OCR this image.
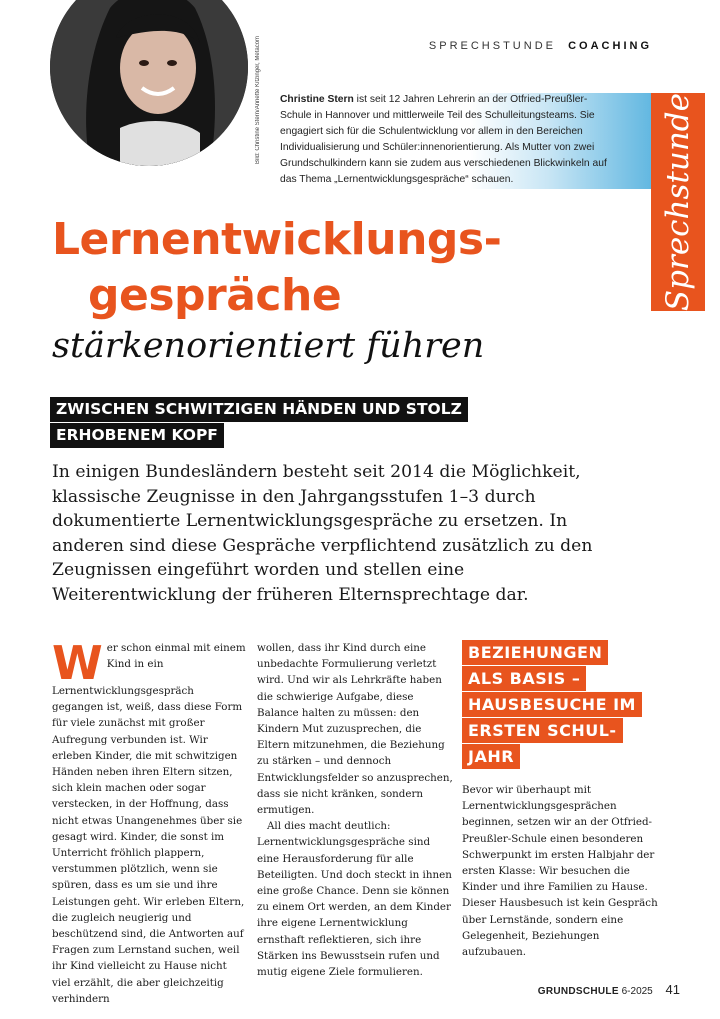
Bild: Christine Stern/Annette Kitzinger, Metacom	SPRECHSTUNDE COACHING
Christine Stern ist seit 12 Jahren Lehrerin an der Otfried-Preußler-Schule in Hannover und mittlerweile Teil des Schulleitungsteams. Sie engagiert sich für die Schulentwicklung vor allem in den Bereichen Individualisierung und Schüler:innenorientierung. Als Mutter von zwei Grundschulkindern kann sie zudem aus verschiedenen Blickwinkeln auf das Thema „Lernentwicklungsgespräche“ schauen.	Sprechstunde
Lernentwicklungs-
gespräche
stärkenorientiert führen
ZWISCHEN SCHWITZIGEN HÄNDEN UND STOLZ
ERHOBENEM KOPF
In einigen Bundesländern besteht seit 2014 die Möglichkeit, klassische Zeugnisse in den Jahrgangsstufen 1–3 durch dokumentierte Lernentwicklungsgespräche zu ersetzen. In anderen sind diese Gespräche verpflichtend zusätzlich zu den Zeugnissen eingeführt worden und stellen eine Weiterentwicklung der früheren Elternsprechtage dar.

Wer schon einmal mit einem Kind in ein Lernentwicklungsgespräch gegangen ist, weiß, dass diese Form für viele zunächst mit großer Aufregung verbunden ist. Wir erleben Kinder, die mit schwitzigen Händen neben ihren Eltern sitzen, sich klein machen oder sogar verstecken, in der Hoffnung, dass nicht etwas Unangenehmes über sie gesagt wird. Kinder, die sonst im Unterricht fröhlich plappern, verstummen plötzlich, wenn sie spüren, dass es um sie und ihre Leistungen geht. Wir erleben Eltern, die zugleich neugierig und beschützend sind, die Antworten auf Fragen zum Lernstand suchen, weil ihr Kind vielleicht zu Hause nicht viel erzählt, die aber gleichzeitig verhindern

wollen, dass ihr Kind durch eine unbedachte Formulierung verletzt wird. Und wir als Lehrkräfte haben die schwierige Aufgabe, diese Balance halten zu müssen: den Kindern Mut zuzusprechen, die Eltern mitzunehmen, die Beziehung zu stärken – und dennoch Entwicklungsfelder so anzusprechen, dass sie nicht kränken, sondern ermutigen.

All dies macht deutlich: Lernentwicklungsgespräche sind eine Herausforderung für alle Beteiligten. Und doch steckt in ihnen eine große Chance. Denn sie können zu einem Ort werden, an dem Kinder ihre eigene Lernentwicklung ernsthaft reflektieren, sich ihre Stärken ins Bewusstsein rufen und mutig eigene Ziele formulieren.

BEZIEHUNGEN
ALS BASIS –
HAUSBESUCHE IM
ERSTEN SCHUL-
JAHR

Bevor wir überhaupt mit Lernentwicklungsgesprächen beginnen, setzen wir an der Otfried-Preußler-Schule einen besonderen Schwerpunkt im ersten Halbjahr der ersten Klasse: Wir besuchen die Kinder und ihre Familien zu Hause. Dieser Hausbesuch ist kein Gespräch über Lernstände, sondern eine Gelegenheit, Beziehungen aufzubauen.

GRUNDSCHULE 6-2025 41
